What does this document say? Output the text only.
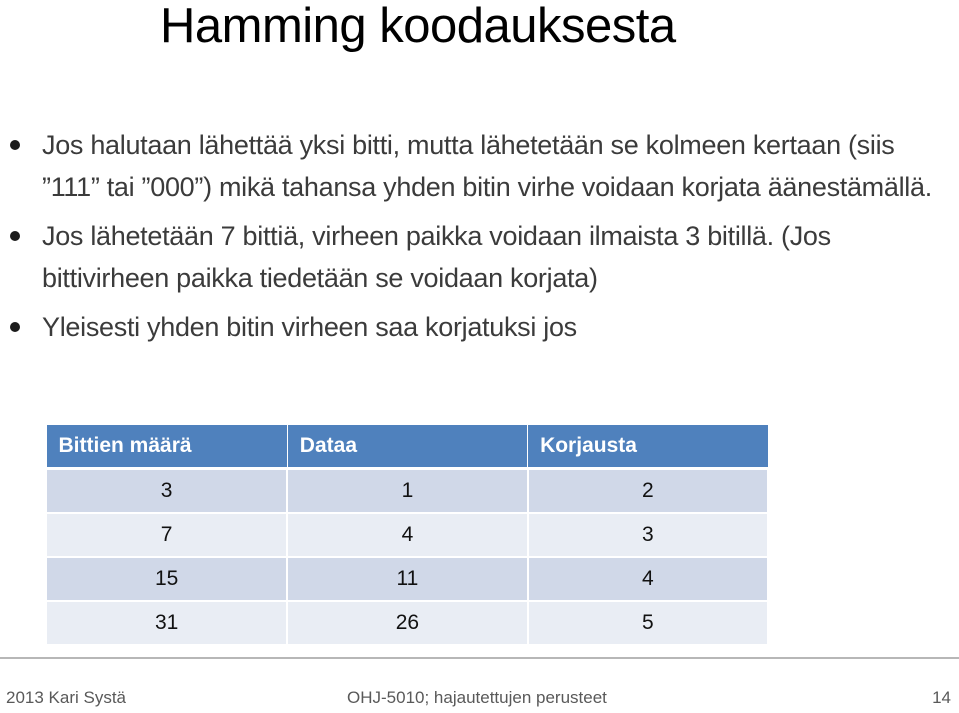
Hamming koodauksesta
Jos halutaan lähettää yksi bitti, mutta lähetetään se kolmeen kertaan (siis ”111” tai ”000”) mikä tahansa yhden bitin virhe voidaan korjata äänestämällä.
Jos lähetetään 7 bittiä, virheen paikka voidaan ilmaista 3 bitillä. (Jos bittivirheen paikka tiedetään se voidaan korjata)
Yleisesti yhden bitin virheen saa korjatuksi jos
Bittien määrä	Dataa	Korjausta
3	1	2
7	4	3
15	11	4
31	26	5
2013 Kari Systä	OHJ-5010; hajautettujen perusteet	14
